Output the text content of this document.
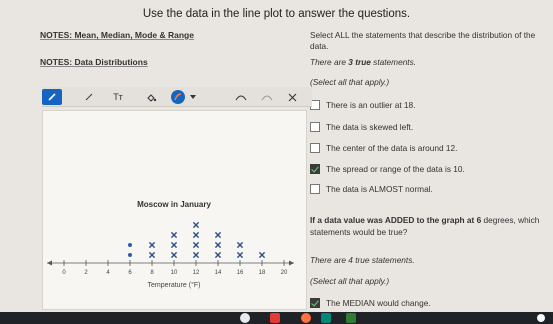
Use the data in the line plot to answer the questions.
NOTES: Mean, Median, Mode & Range
NOTES: Data Distributions
Select ALL the statements that describe the distribution of the
data.
There are 3 true statements.
(Select all that apply.)
There is an outlier at 18.
The data is skewed left.
The center of the data is around 12.
The spread or range of the data is 10.
The data is ALMOST normal.
If a data value was ADDED to the graph at 6 degrees, which
statements would be true?
There are 4 true statements.
(Select all that apply.)
The MEDIAN would change.
Tт
Moscow in January
0	2	4	6	8	10	12	14	16	18	20
Temperature (°F)
